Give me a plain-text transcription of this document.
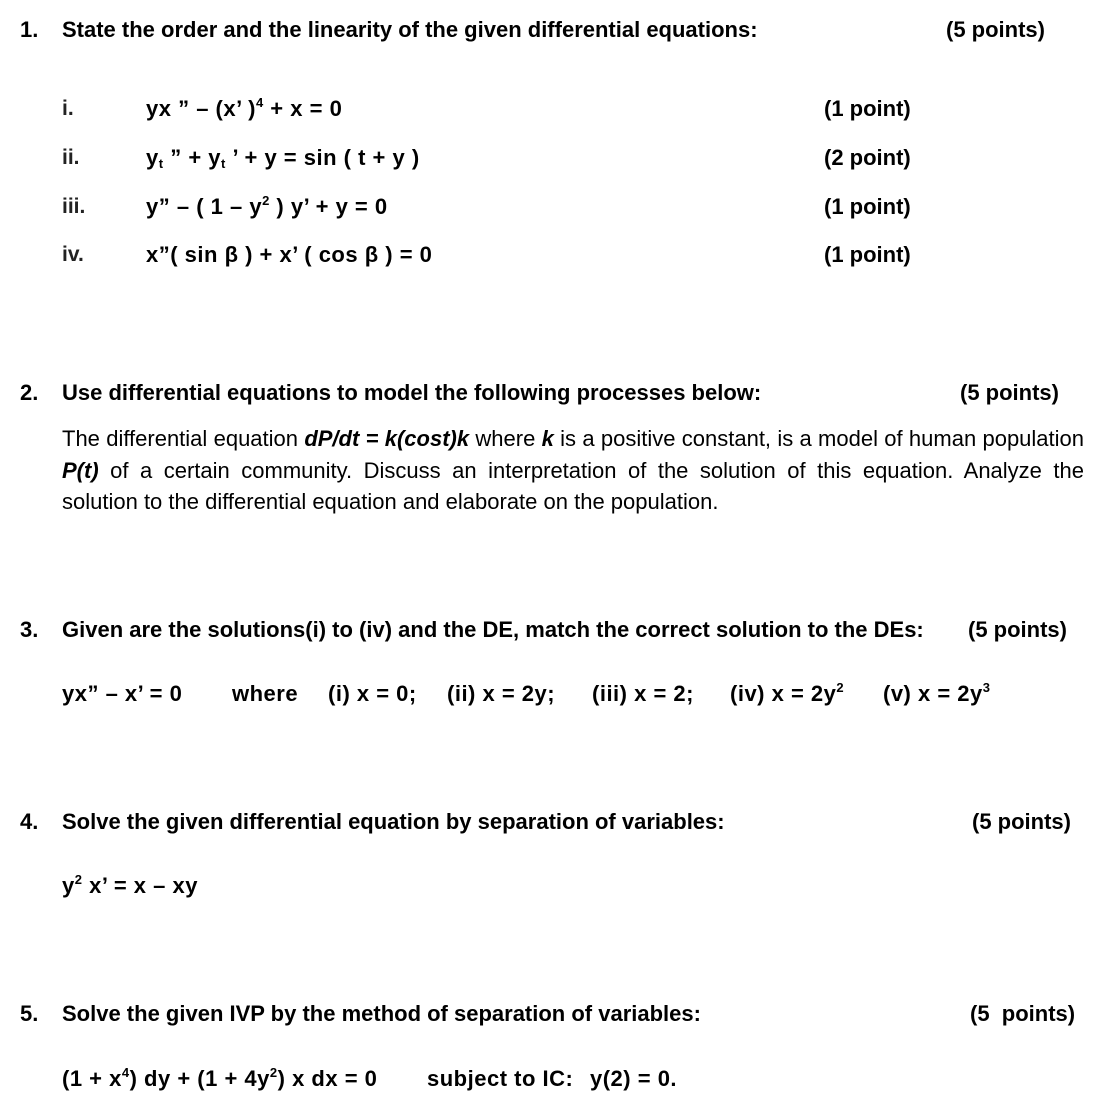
1. State the order and the linearity of the given differential equations:	(5 points)
i.	yx ” – (x’ )$^4$ + x = 0	(1 point)
ii.	$y_t$ ” + $y_t$ ’ + y = sin ( t + y )	(2 point)
iii.	y” – ( $1 - y^2$ ) y’ + y = 0	(1 point)
iv.	x”( sin β ) + x’ ( cos β ) = 0	(1 point)
2. Use differential equations to model the following processes below:	(5 points)
The differential equation dP/dt = k(cost)k where k is a positive constant, is a model of human population P(t) of a certain community. Discuss an interpretation of the solution of this equation. Analyze the solution to the differential equation and elaborate on the population.
3. Given are the solutions(i) to (iv) and the DE, match the correct solution to the DEs: (5 points)
yx” – x’ = 0 where (i) x = 0; (ii) x = 2y; (iii) x = 2; (iv) $x = 2y^2$ (v) $x = 2y^3$
4. Solve the given differential equation by separation of variables:	(5 points)
$y^2$ x’ = x – xy
5. Solve the given IVP by the method of separation of variables:	(5  points)
$(1 + x^4)$ dy + $(1 + 4y^2)$ x dx = 0 subject to IC: y(2) = 0.
